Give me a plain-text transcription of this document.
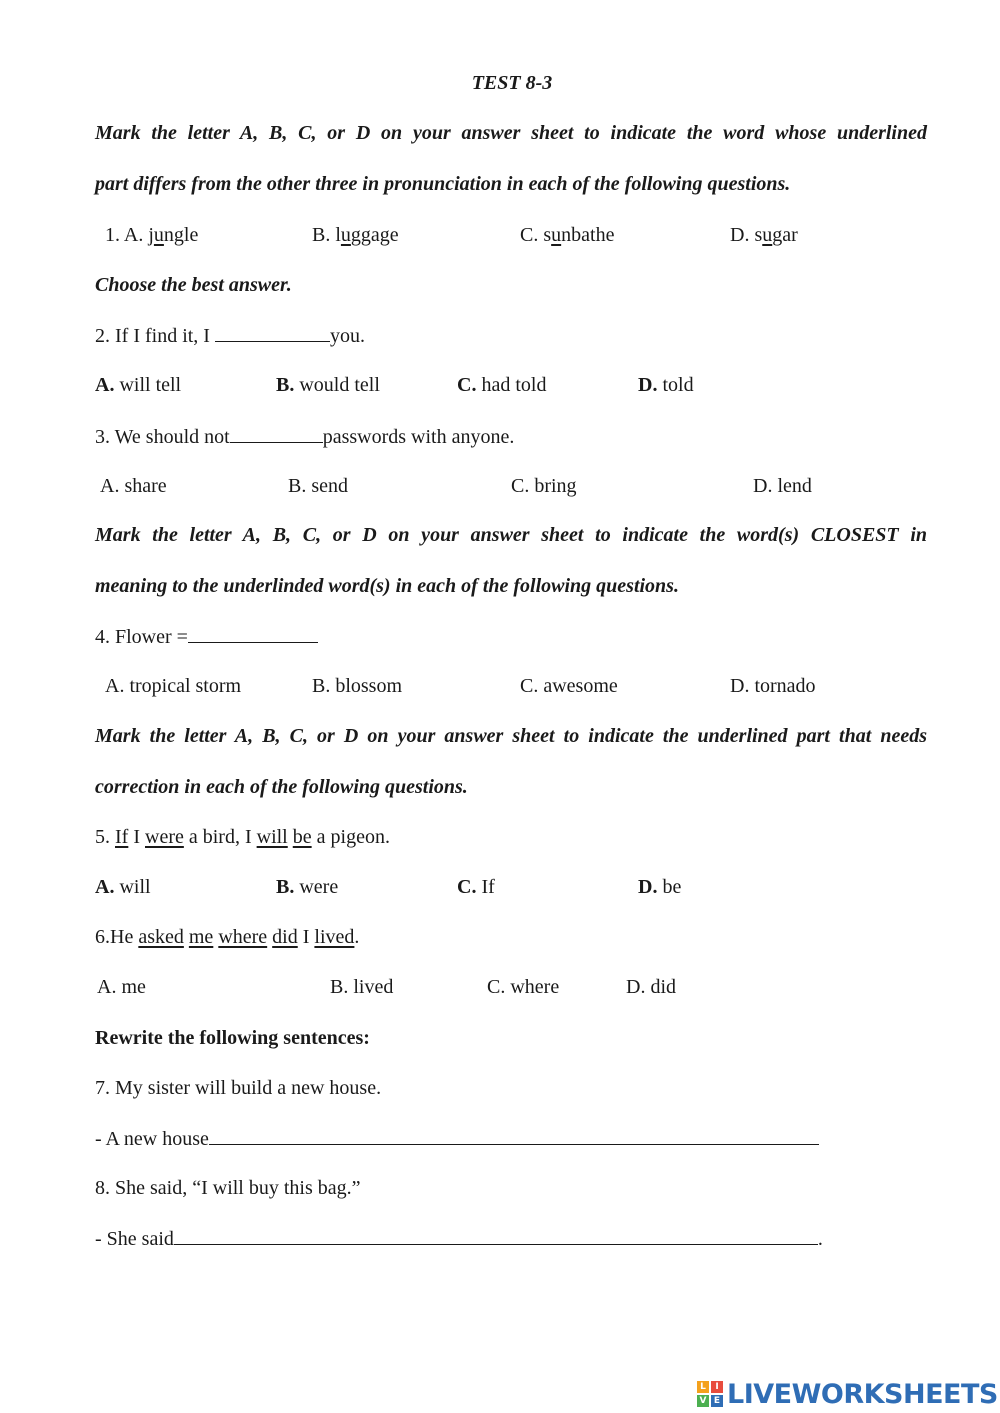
TEST 8-3
Mark the letter A, B, C, or D on your answer sheet to indicate the word whose underlined
part differs from the other three in pronunciation in each of the following questions.
1. A. jungle	B. luggage	C. sunbathe	D. sugar
Choose the best answer.
2. If I find it, I	you.
A. will tell	B. would tell	C. had told	D. told
3. We should not	passwords with anyone.
A. share	B. send	C. bring	D. lend
Mark the letter A, B, C, or D on your answer sheet to indicate the word(s) CLOSEST in
meaning to the underlinded word(s) in each of the following questions.
4. Flower =
A. tropical storm	B. blossom	C. awesome	D. tornado
Mark the letter A, B, C, or D on your answer sheet to indicate the underlined part that needs
correction in each of the following questions.
5. If I were a bird, I will be a pigeon.
A. will	B. were	C. If	D. be
6.He asked me where did I lived.
A. me	B. lived	C. where	D. did
Rewrite the following sentences:
7. My sister will build a new house.
- A new house
8. She said, “I will buy this bag.”
- She said	.
L	I
V E LIVEWORKSHEETS
